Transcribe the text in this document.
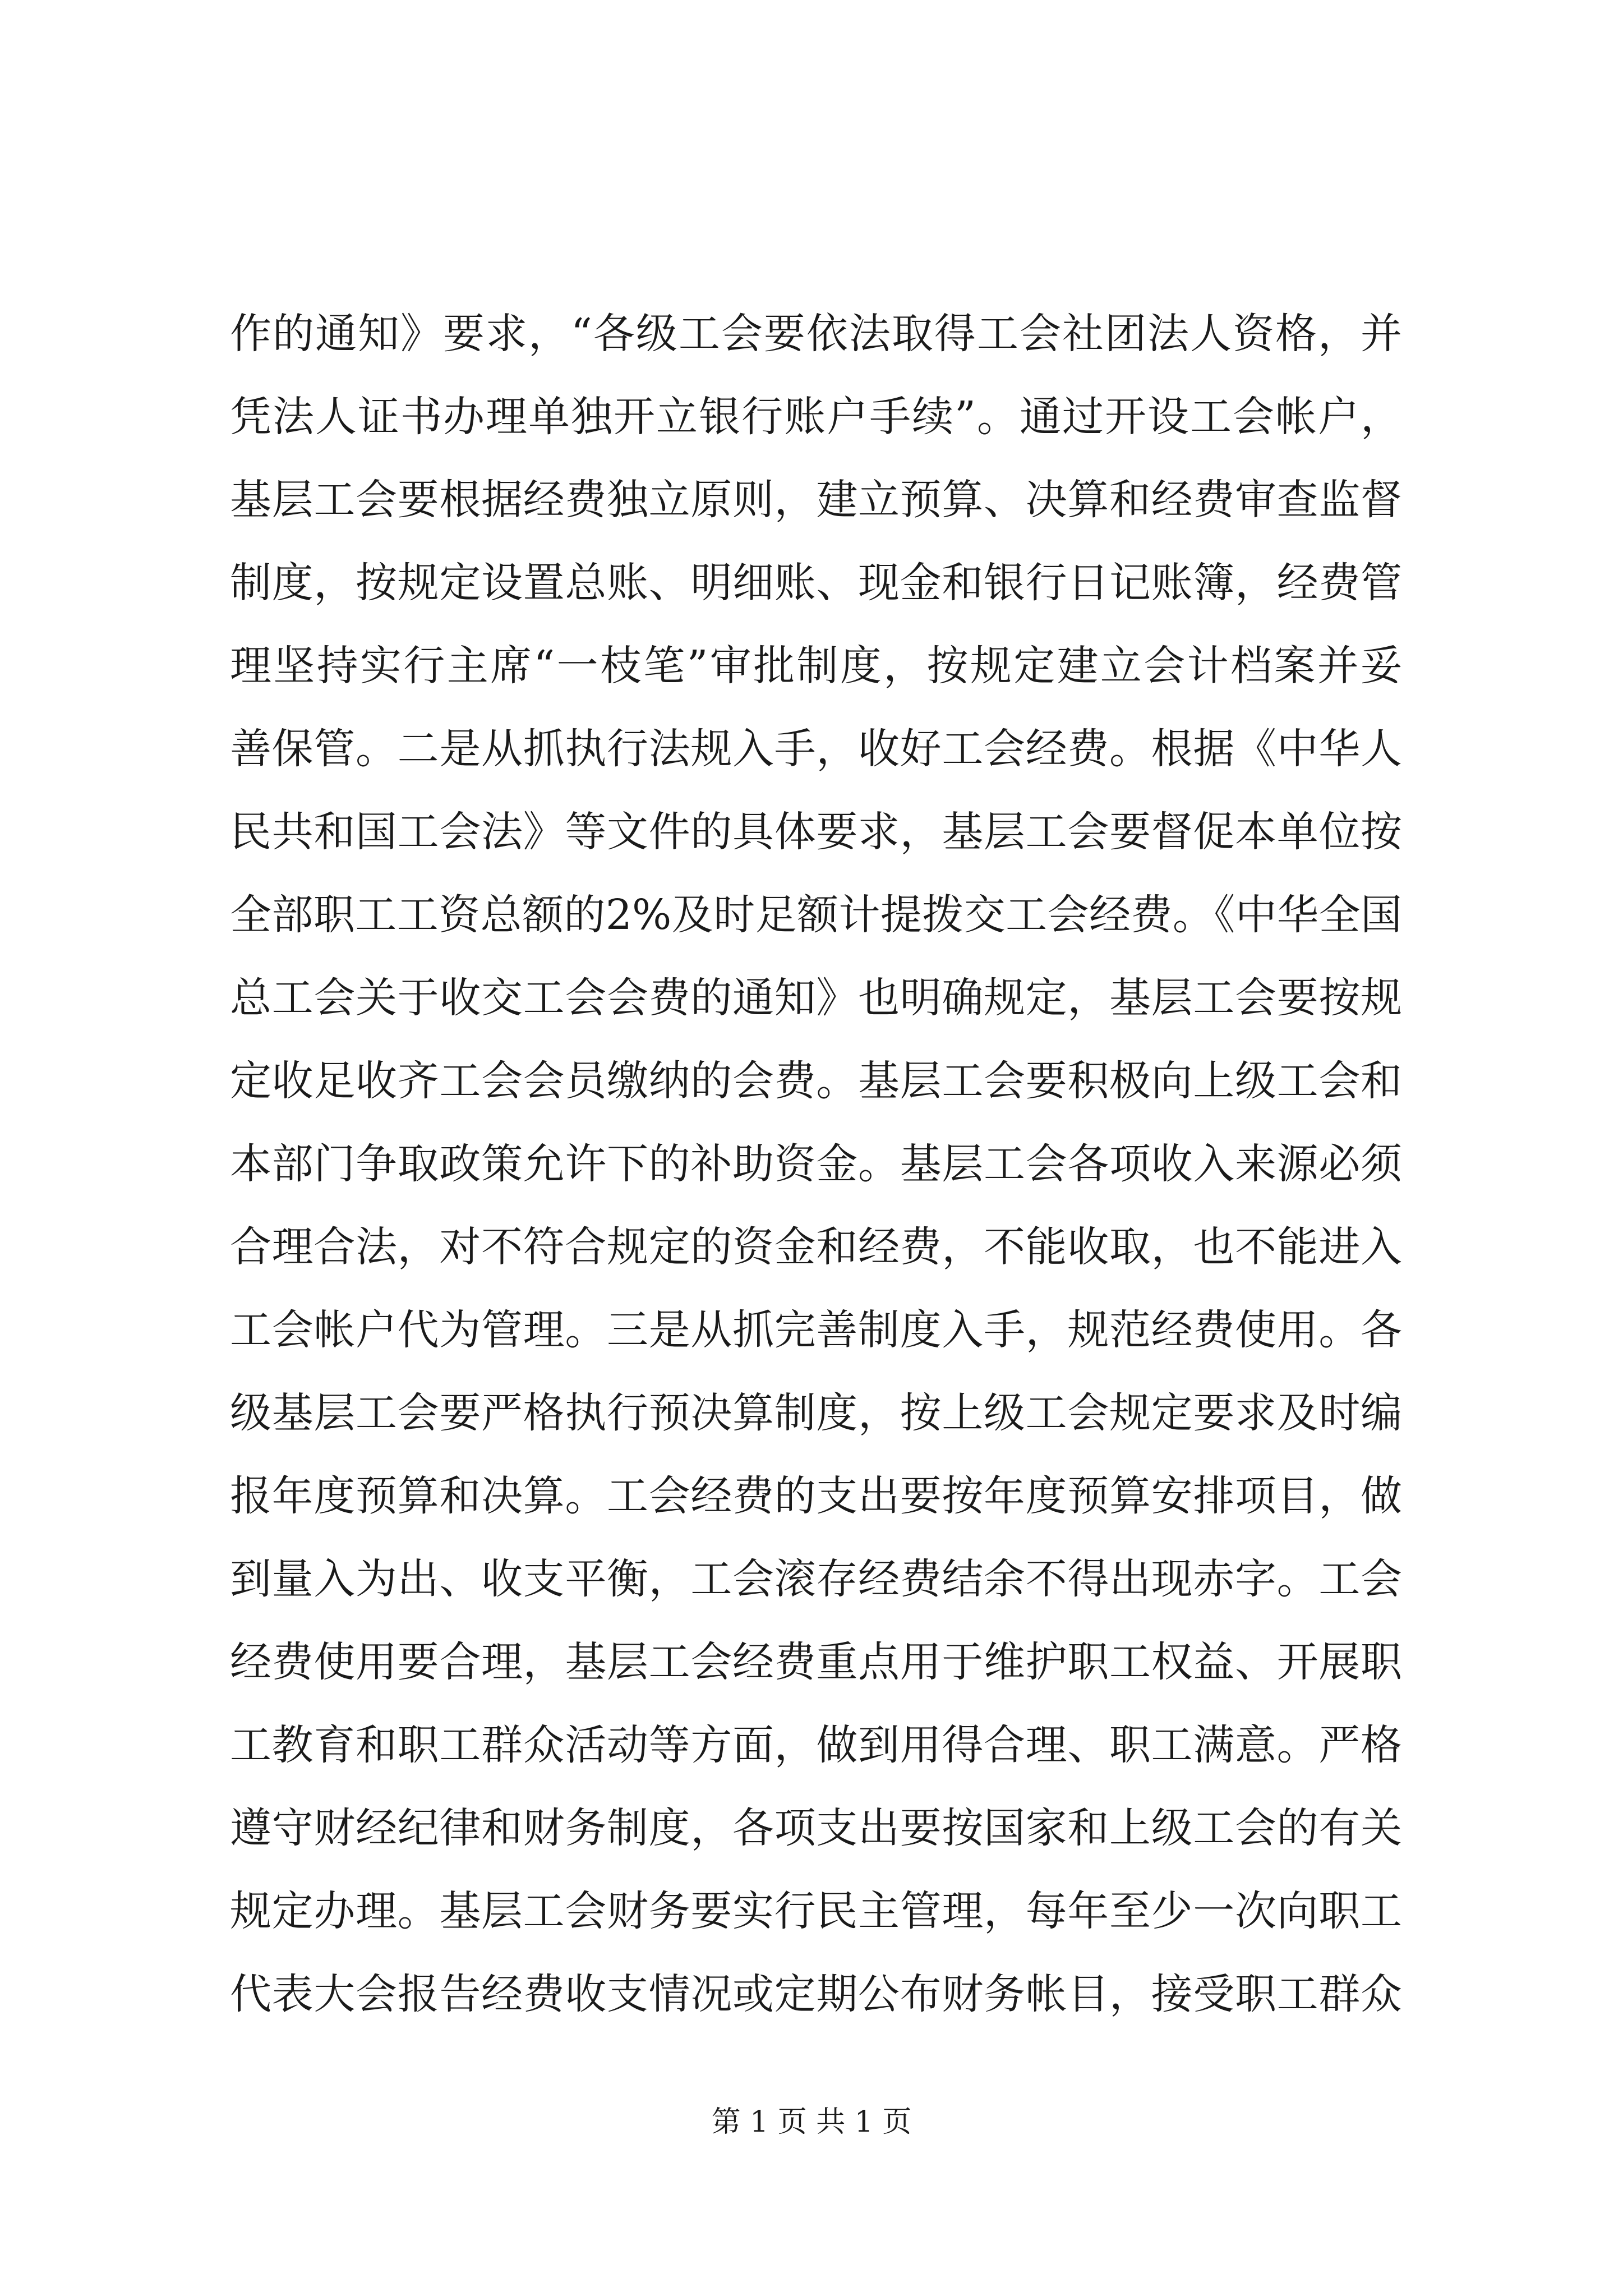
作的通知》要求，“各级工会要依法取得工会社团法人资格，并
凭法人证书办理单独开立银行账户手续”。通过开设工会帐户，
基层工会要根据经费独立原则，建立预算、决算和经费审查监督
制度，按规定设置总账、明细账、现金和银行日记账簿，经费管
理坚持实行主席“一枝笔”审批制度，按规定建立会计档案并妥
善保管。二是从抓执行法规入手，收好工会经费。根据《中华人
民共和国工会法》等文件的具体要求，基层工会要督促本单位按
全部职工工资总额的2%及时足额计提拨交工会经费。《中华全国
总工会关于收交工会会费的通知》也明确规定，基层工会要按规
定收足收齐工会会员缴纳的会费。基层工会要积极向上级工会和
本部门争取政策允许下的补助资金。基层工会各项收入来源必须
合理合法，对不符合规定的资金和经费，不能收取，也不能进入
工会帐户代为管理。三是从抓完善制度入手，规范经费使用。各
级基层工会要严格执行预决算制度，按上级工会规定要求及时编
报年度预算和决算。工会经费的支出要按年度预算安排项目，做
到量入为出、收支平衡，工会滚存经费结余不得出现赤字。工会
经费使用要合理，基层工会经费重点用于维护职工权益、开展职
工教育和职工群众活动等方面，做到用得合理、职工满意。严格
遵守财经纪律和财务制度，各项支出要按国家和上级工会的有关
规定办理。基层工会财务要实行民主管理，每年至少一次向职工
代表大会报告经费收支情况或定期公布财务帐目，接受职工群众
第 1 页 共 1 页
